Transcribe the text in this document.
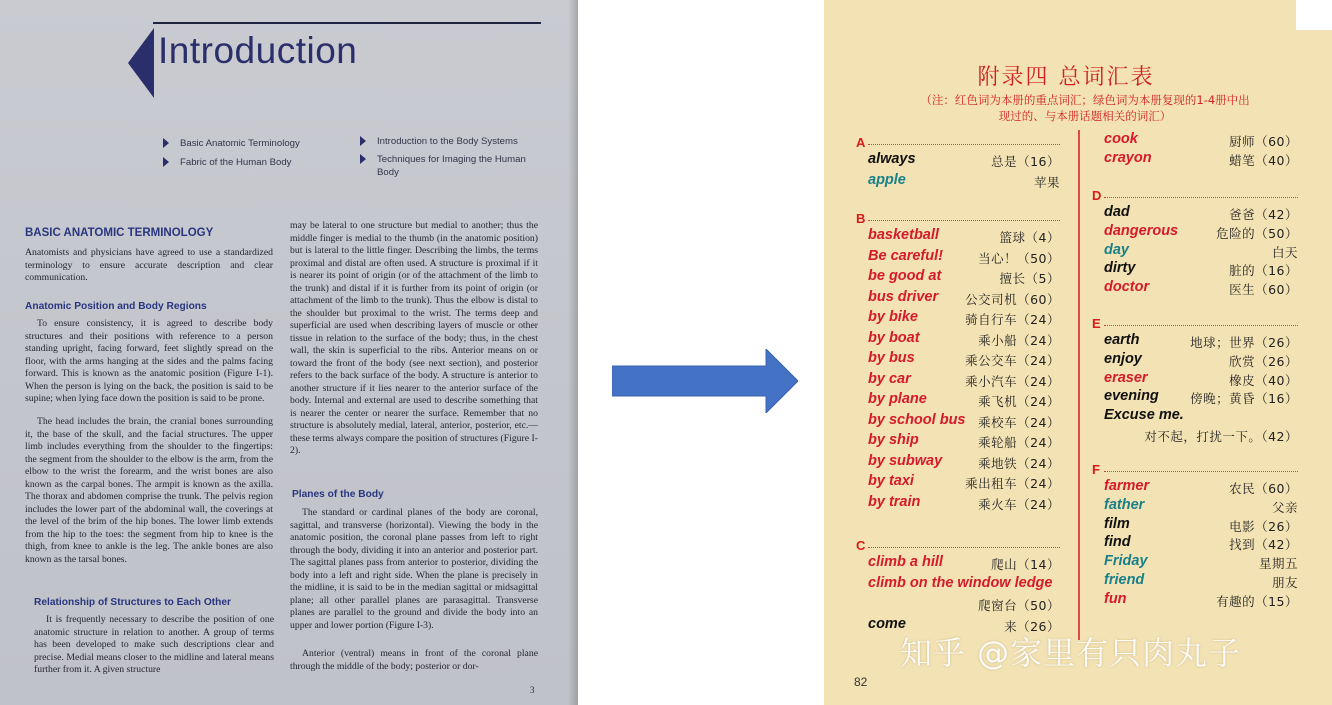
Introduction
Basic Anatomic Terminology
Fabric of the Human Body
Introduction to the Body Systems
Techniques for Imaging the Human Body
BASIC ANATOMIC TERMINOLOGY
Anatomists and physicians have agreed to use a standardized terminology to ensure accurate description and clear communication.
Anatomic Position and Body Regions
To ensure consistency, it is agreed to describe body structures and their positions with reference to a person standing upright, facing forward, feet slightly spread on the floor, with the arms hanging at the sides and the palms facing forward. This is known as the anatomic position (Figure I-1). When the person is lying on the back, the position is said to be supine; when lying face down the position is said to be prone.
The head includes the brain, the cranial bones surrounding it, the base of the skull, and the facial structures. The upper limb includes everything from the shoulder to the fingertips: the segment from the shoulder to the elbow is the arm, from the elbow to the wrist the forearm, and the wrist bones are also known as the carpal bones. The armpit is known as the axilla. The thorax and abdomen comprise the trunk. The pelvis region includes the lower part of the abdominal wall, the coverings at the level of the brim of the hip bones. The lower limb extends from the hip to the toes: the segment from hip to knee is the thigh, from knee to ankle is the leg. The ankle bones are also known as the tarsal bones.
Relationship of Structures to Each Other
It is frequently necessary to describe the position of one anatomic structure in relation to another. A group of terms has been developed to make such descriptions clear and precise. Medial means closer to the midline and lateral means further from it. A given structure
may be lateral to one structure but medial to another; thus the middle finger is medial to the thumb (in the anatomic position) but is lateral to the little finger. Describing the limbs, the terms proximal and distal are often used. A structure is proximal if it is nearer its point of origin (or of the attachment of the limb to the trunk) and distal if it is further from its point of origin (or attachment of the limb to the trunk). Thus the elbow is distal to the shoulder but proximal to the wrist. The terms deep and superficial are used when describing layers of muscle or other tissue in relation to the surface of the body; thus, in the chest wall, the skin is superficial to the ribs. Anterior means on or toward the front of the body (see next section), and posterior refers to the back surface of the body. A structure is anterior to another structure if it lies nearer to the anterior surface of the body. Internal and external are used to describe something that is nearer the center or nearer the surface. Remember that no structure is absolutely medial, lateral, anterior, posterior, etc.—these terms always compare the position of structures (Figure I-2).
Planes of the Body
The standard or cardinal planes of the body are coronal, sagittal, and transverse (horizontal). Viewing the body in the anatomic position, the coronal plane passes from left to right through the body, dividing it into an anterior and posterior part. The sagittal planes pass from anterior to posterior, dividing the body into a left and right side. When the plane is precisely in the midline, it is said to be in the median sagittal or midsagittal plane; all other parallel planes are parasagittal. Transverse planes are parallel to the ground and divide the body into an upper and lower portion (Figure I-3).
Anterior (ventral) means in front of the coronal plane through the middle of the body; posterior or dor-
3
附录四 总词汇表
（注：红色词为本册的重点词汇；绿色词为本册复现的1-4册中出
现过的、与本册话题相关的词汇）
知乎 @家里有只肉丸子
82
A
always	总是（16）
apple	苹果
B
basketball	篮球（4）
Be careful!	当心！（50）
be good at	擅长（5）
bus driver 公交司机（60）
by bike	骑自行车（24）
by boat	乘小船（24）
by bus	乘公交车（24）
by car	乘小汽车（24）
by plane	乘飞机（24）
by school bus 乘校车（24）
by ship	乘轮船（24）
by subway	乘地铁（24）
by taxi	乘出租车（24）
by train	乘火车（24）
C
climb a hill	爬山（14）
climb on the window ledge
爬窗台（50）
come	来（26）
cook	厨师（60）
crayon	蜡笔（40）
D
dad	爸爸（42）
dangerous	危险的（50）
day	白天
dirty	脏的（16）
doctor	医生（60）
E
earth	地球；世界（26）
enjoy	欣赏（26）
eraser	橡皮（40）
evening	傍晚；黄昏（16）
Excuse me.
对不起，打扰一下。（42）
F
farmer	农民（60）
father	父亲
film	电影（26）
find	找到（42）
Friday	星期五
friend	朋友
fun	有趣的（15）
